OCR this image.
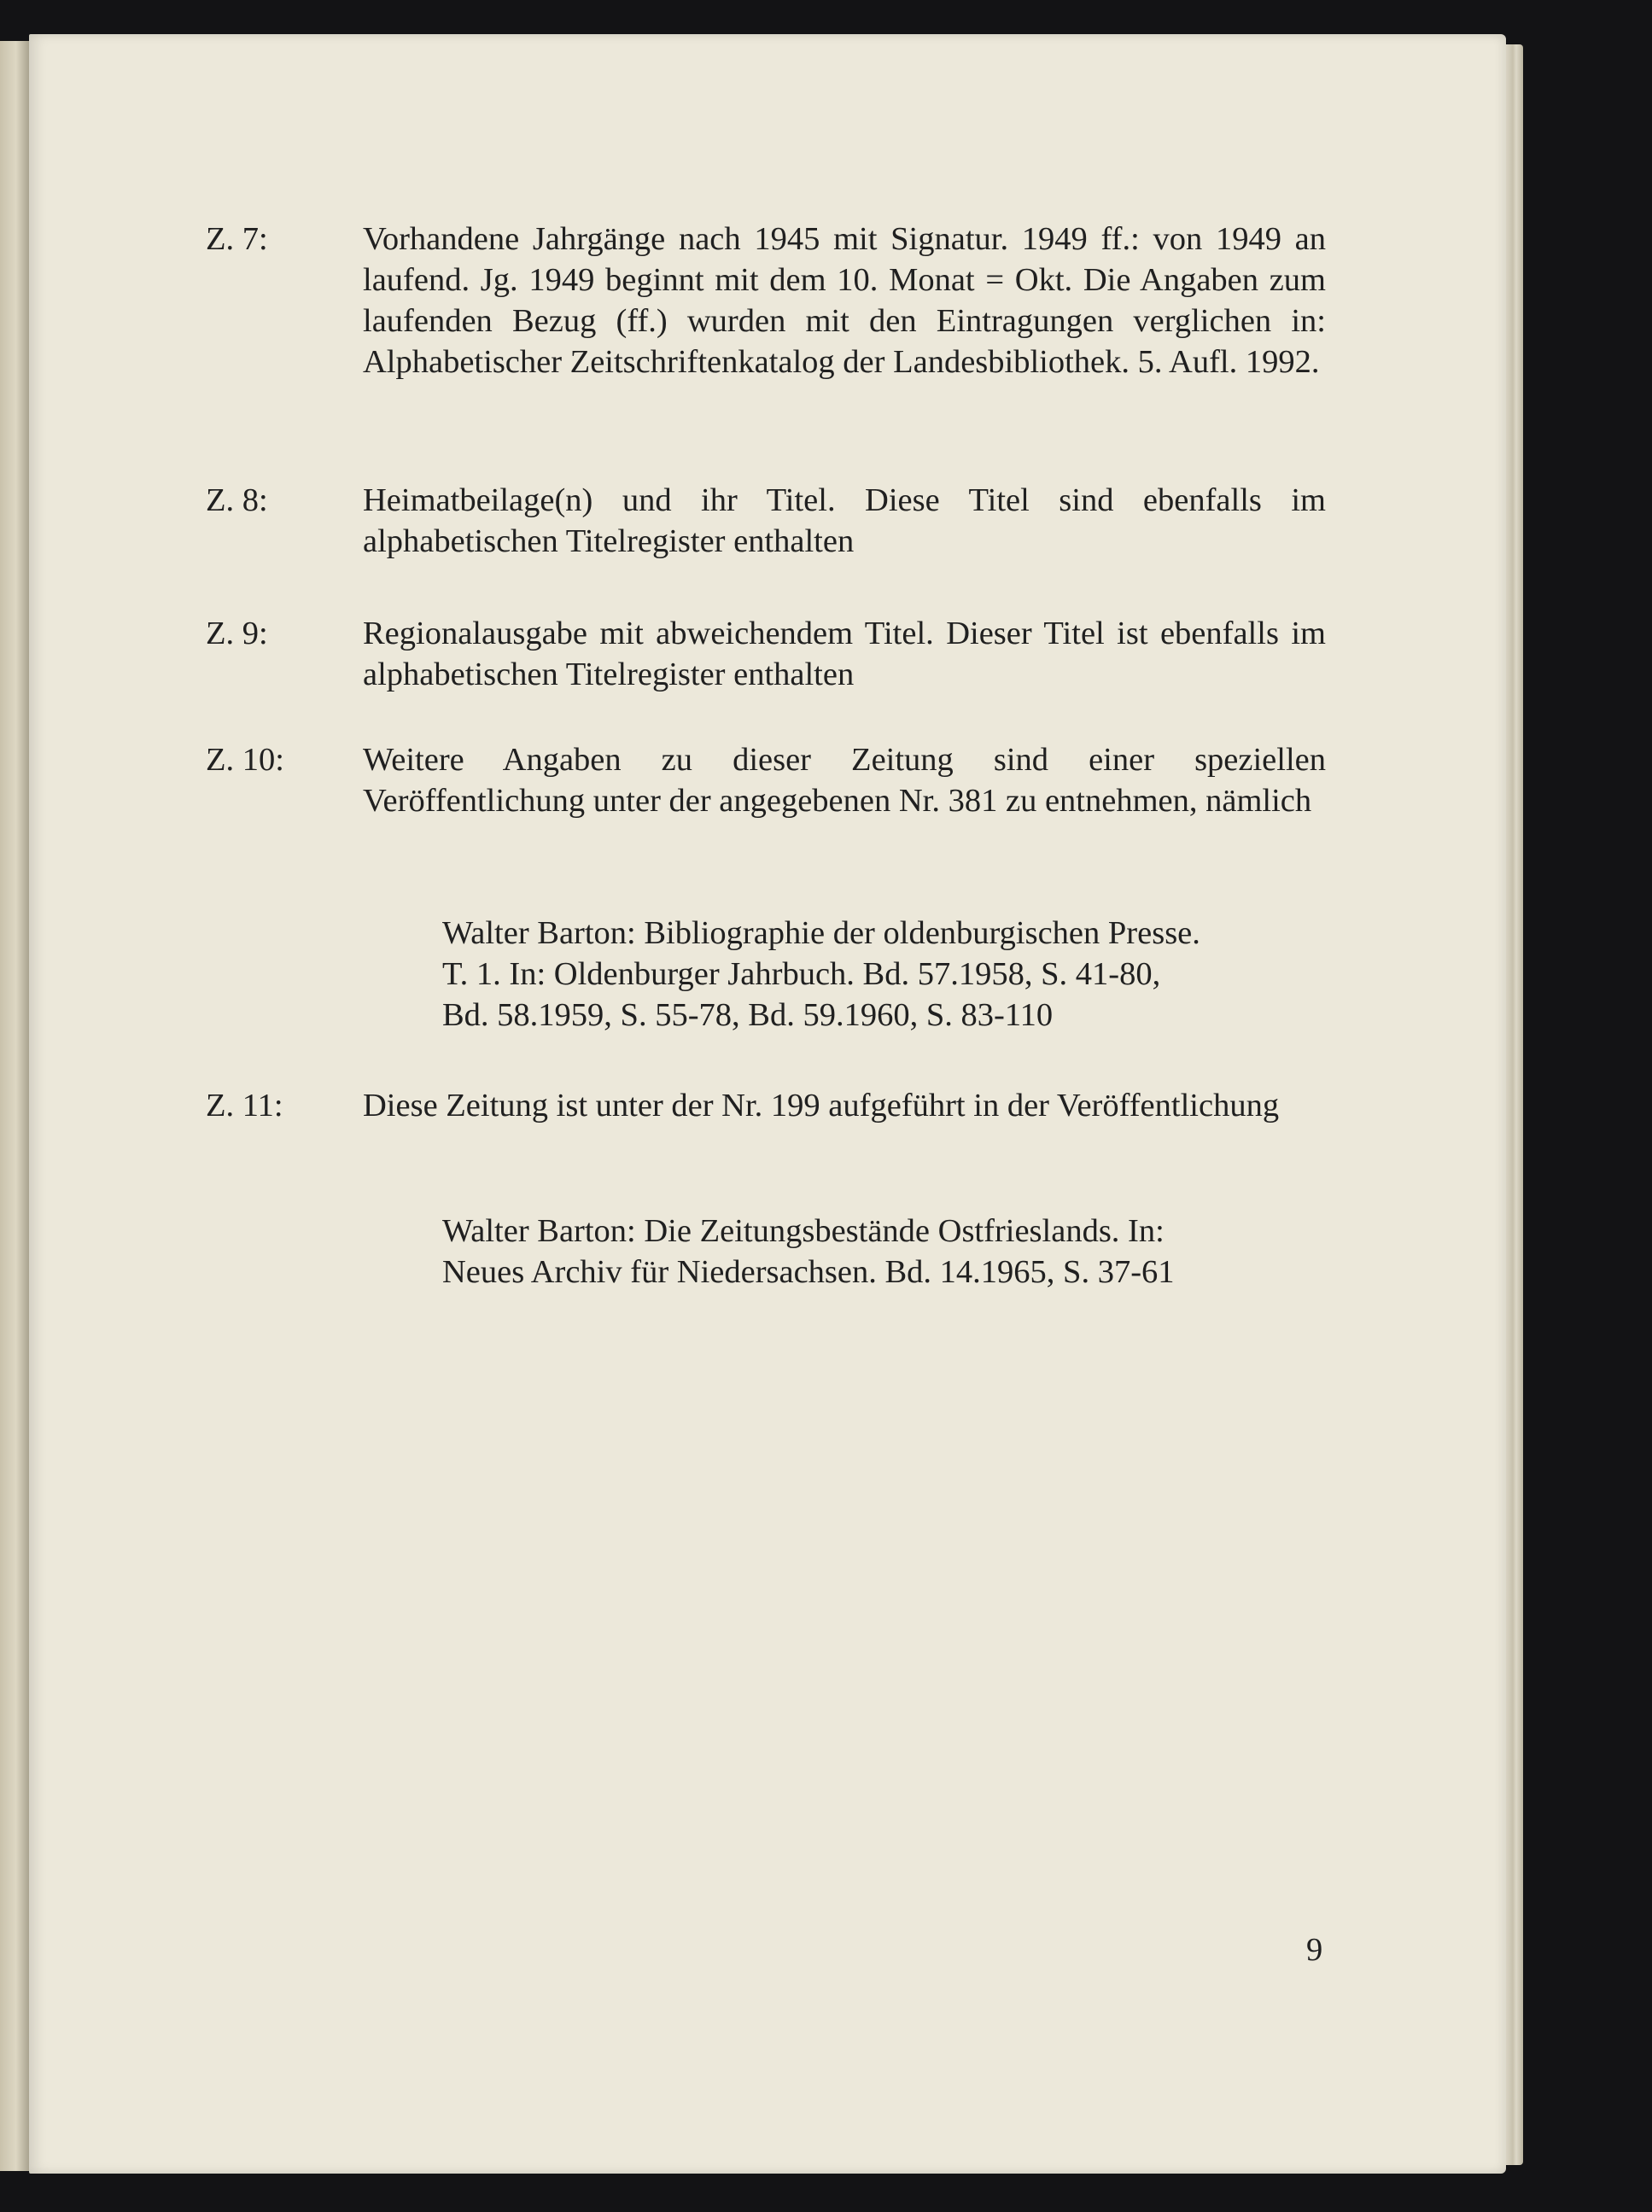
Z. 7:	Vorhandene Jahrgänge nach 1945 mit Signatur. 1949 ff.: von 1949 an laufend. Jg. 1949 beginnt mit dem 10. Monat = Okt. Die Angaben zum laufenden Bezug (ff.) wurden mit den Eintragungen verglichen in: Alphabetischer Zeitschriftenkatalog der Landesbibliothek. 5. Aufl. 1992.
Z. 8:	Heimatbeilage(n) und ihr Titel. Diese Titel sind ebenfalls im alphabetischen Titelregister enthalten
Z. 9:	Regionalausgabe mit abweichendem Titel. Dieser Titel ist ebenfalls im alphabetischen Titelregister enthalten
Z. 10:	Weitere Angaben zu dieser Zeitung sind einer speziellen Veröffentlichung unter der angegebenen Nr. 381 zu entnehmen, nämlich
Walter Barton: Bibliographie der oldenburgischen Presse.
T. 1. In: Oldenburger Jahrbuch. Bd. 57.1958, S. 41-80,
Bd. 58.1959, S. 55-78, Bd. 59.1960, S. 83-110
Z. 11:	Diese Zeitung ist unter der Nr. 199 aufgeführt in der Veröffentlichung
Walter Barton: Die Zeitungsbestände Ostfrieslands. In:
Neues Archiv für Niedersachsen. Bd. 14.1965, S. 37-61
9
